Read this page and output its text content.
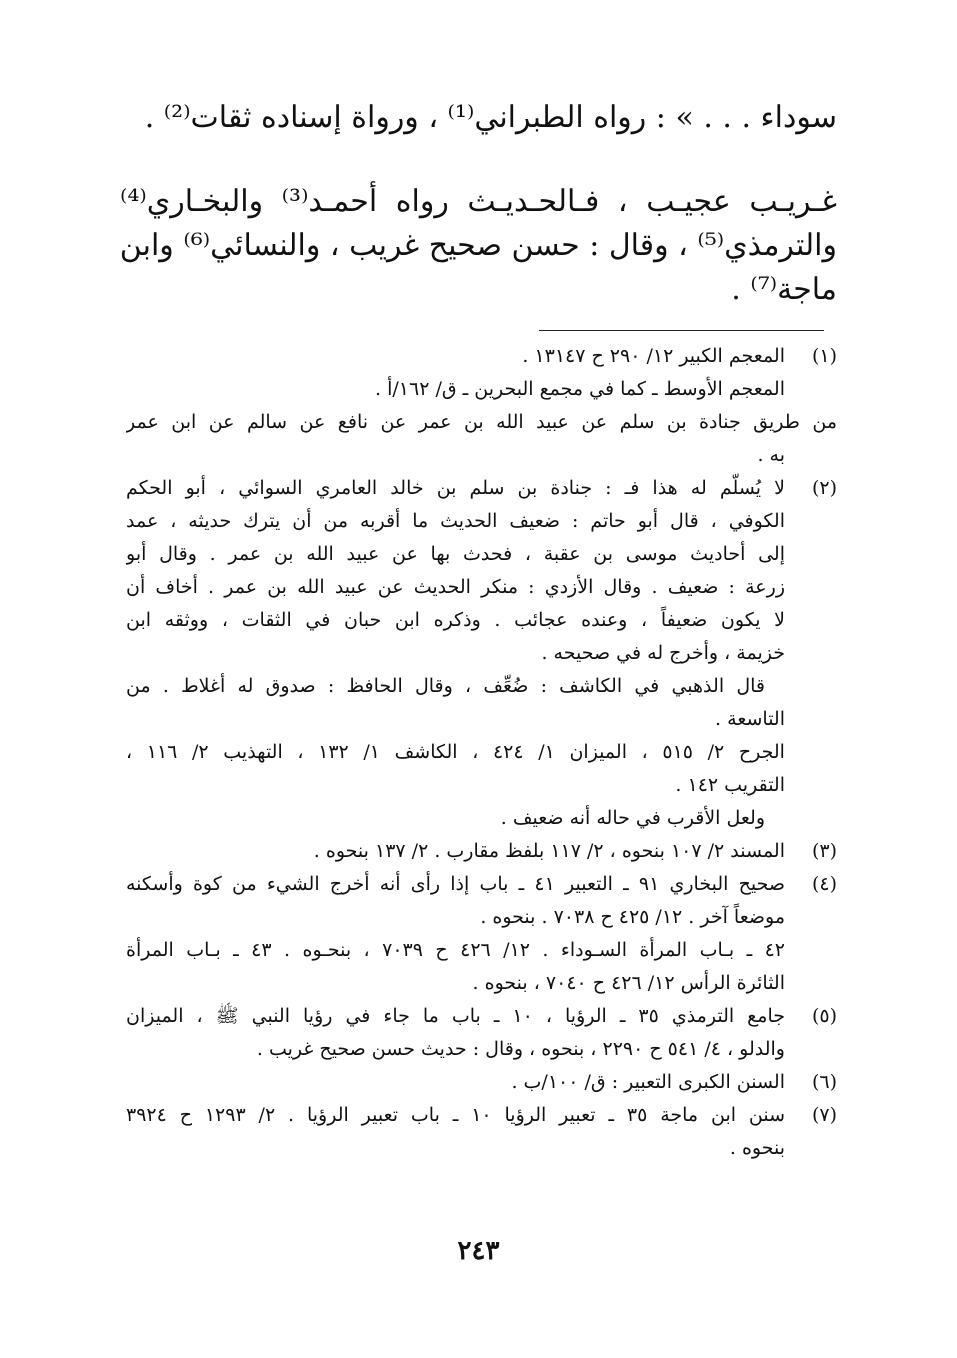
سوداء . . . » : رواه الطبراني⁽¹⁾ ، ورواة إسناده ثقات⁽²⁾ .
غـريـب عجيـب ، فـالحـديـث رواه أحمـد⁽³⁾ والبخـاري⁽⁴⁾
والترمذي⁽⁵⁾ ، وقال : حسن صحيح غريب ، والنسائي⁽⁶⁾ وابن
ماجة⁽⁷⁾ .
(١)
المعجم الكبير ١٢/ ٢٩٠ ح ١٣١٤٧ .
المعجم الأوسط ـ كما في مجمع البحرين ـ ق/ ١٦٢/أ .
من طريق جنادة بن سلم عن عبيد الله بن عمر عن نافع عن سالم عن ابن عمر
به .
(٢)
لا يُسلّم له هذا فـ : جنادة بن سلم بن خالد العامري السوائي ، أبو الحكم
الكوفي ، قال أبو حاتم : ضعيف الحديث ما أقربه من أن يترك حديثه ، عمد
إلى أحاديث موسى بن عقبة ، فحدث بها عن عبيد الله بن عمر . وقال أبو
زرعة : ضعيف . وقال الأزدي : منكر الحديث عن عبيد الله بن عمر . أخاف أن
لا يكون ضعيفاً ، وعنده عجائب . وذكره ابن حبان في الثقات ، ووثقه ابن
خزيمة ، وأخرج له في صحيحه .
قال الذهبي في الكاشف : ضُعِّف ، وقال الحافظ : صدوق له أغلاط . من
التاسعة .
الجرح ٢/ ٥١٥ ، الميزان ١/ ٤٢٤ ، الكاشف ١/ ١٣٢ ، التهذيب ٢/ ١١٦ ،
التقريب ١٤٢ .
ولعل الأقرب في حاله أنه ضعيف .
(٣)
المسند ٢/ ١٠٧ بنحوه ، ٢/ ١١٧ بلفظ مقارب . ٢/ ١٣٧ بنحوه .
(٤)
صحيح البخاري ٩١ ـ التعبير ٤١ ـ باب إذا رأى أنه أخرج الشيء من كوة وأسكنه
موضعاً آخر . ١٢/ ٤٢٥ ح ٧٠٣٨ . بنحوه .
٤٢ ـ بـاب المرأة السـوداء . ١٢/ ٤٢٦ ح ٧٠٣٩ ، بنحـوه . ٤٣ ـ بـاب المرأة
الثائرة الرأس ١٢/ ٤٢٦ ح ٧٠٤٠ ، بنحوه .
(٥)
جامع الترمذي ٣٥ ـ الرؤيا ، ١٠ ـ باب ما جاء في رؤيا النبي ﷺ ، الميزان
والدلو ، ٤/ ٥٤١ ح ٢٢٩٠ ، بنحوه ، وقال : حديث حسن صحيح غريب .
(٦)
السنن الكبرى التعبير : ق/ ١٠٠/ب .
(٧)
سنن ابن ماجة ٣٥ ـ تعبير الرؤيا ١٠ ـ باب تعبير الرؤيا . ٢/ ١٢٩٣ ح ٣٩٢٤
بنحوه .
٢٤٣
